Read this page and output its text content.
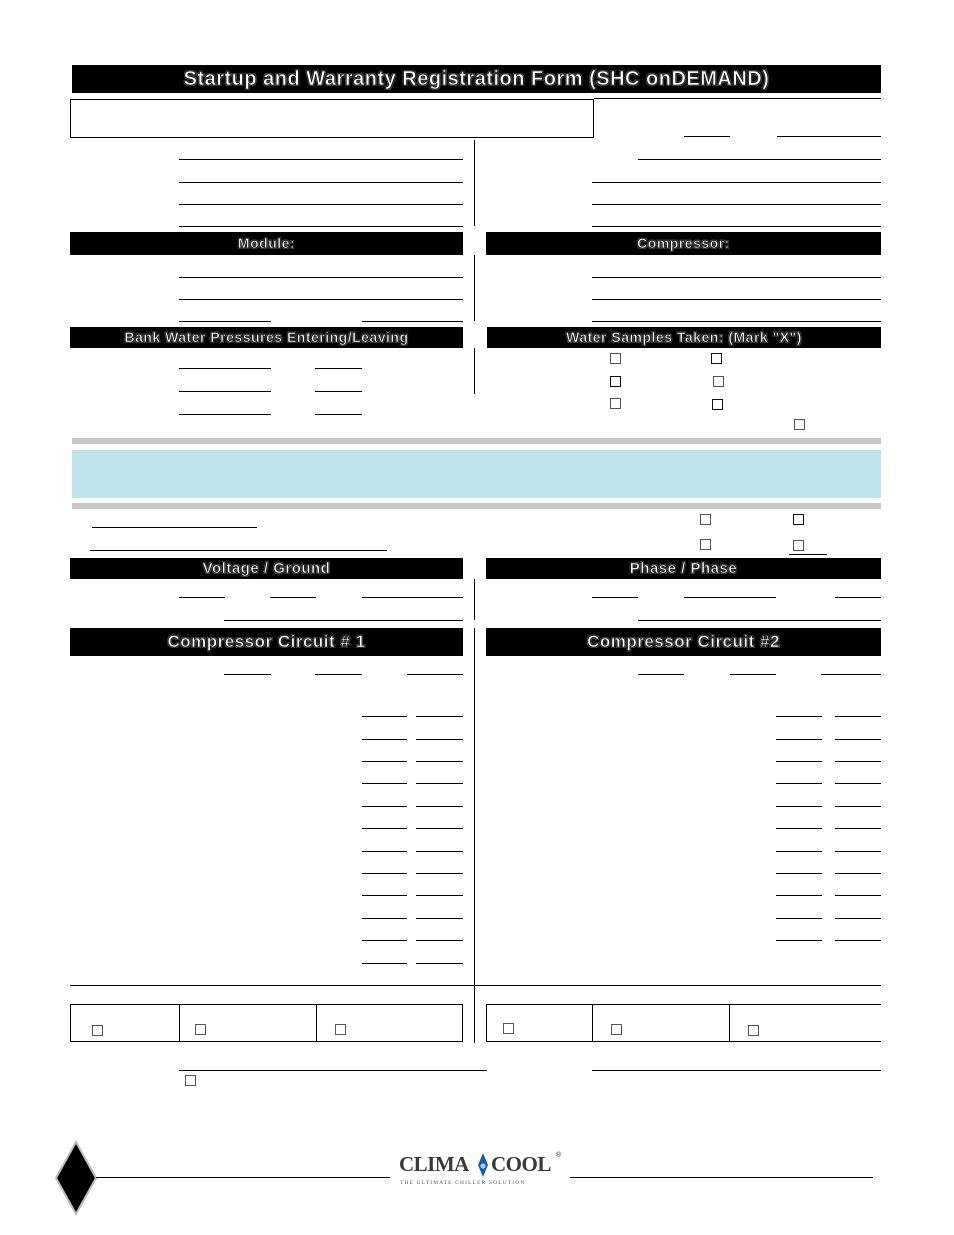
Startup and Warranty Registration Form (SHC onDEMAND)
Module:	Compressor:
Bank Water Pressures Entering/Leaving	Water Samples Taken: (Mark "X")
Voltage / Ground	Phase / Phase
Compressor Circuit # 1	Compressor Circuit #2
CLIMA COOL ®
THE ULTIMATE CHILLER SOLUTION
